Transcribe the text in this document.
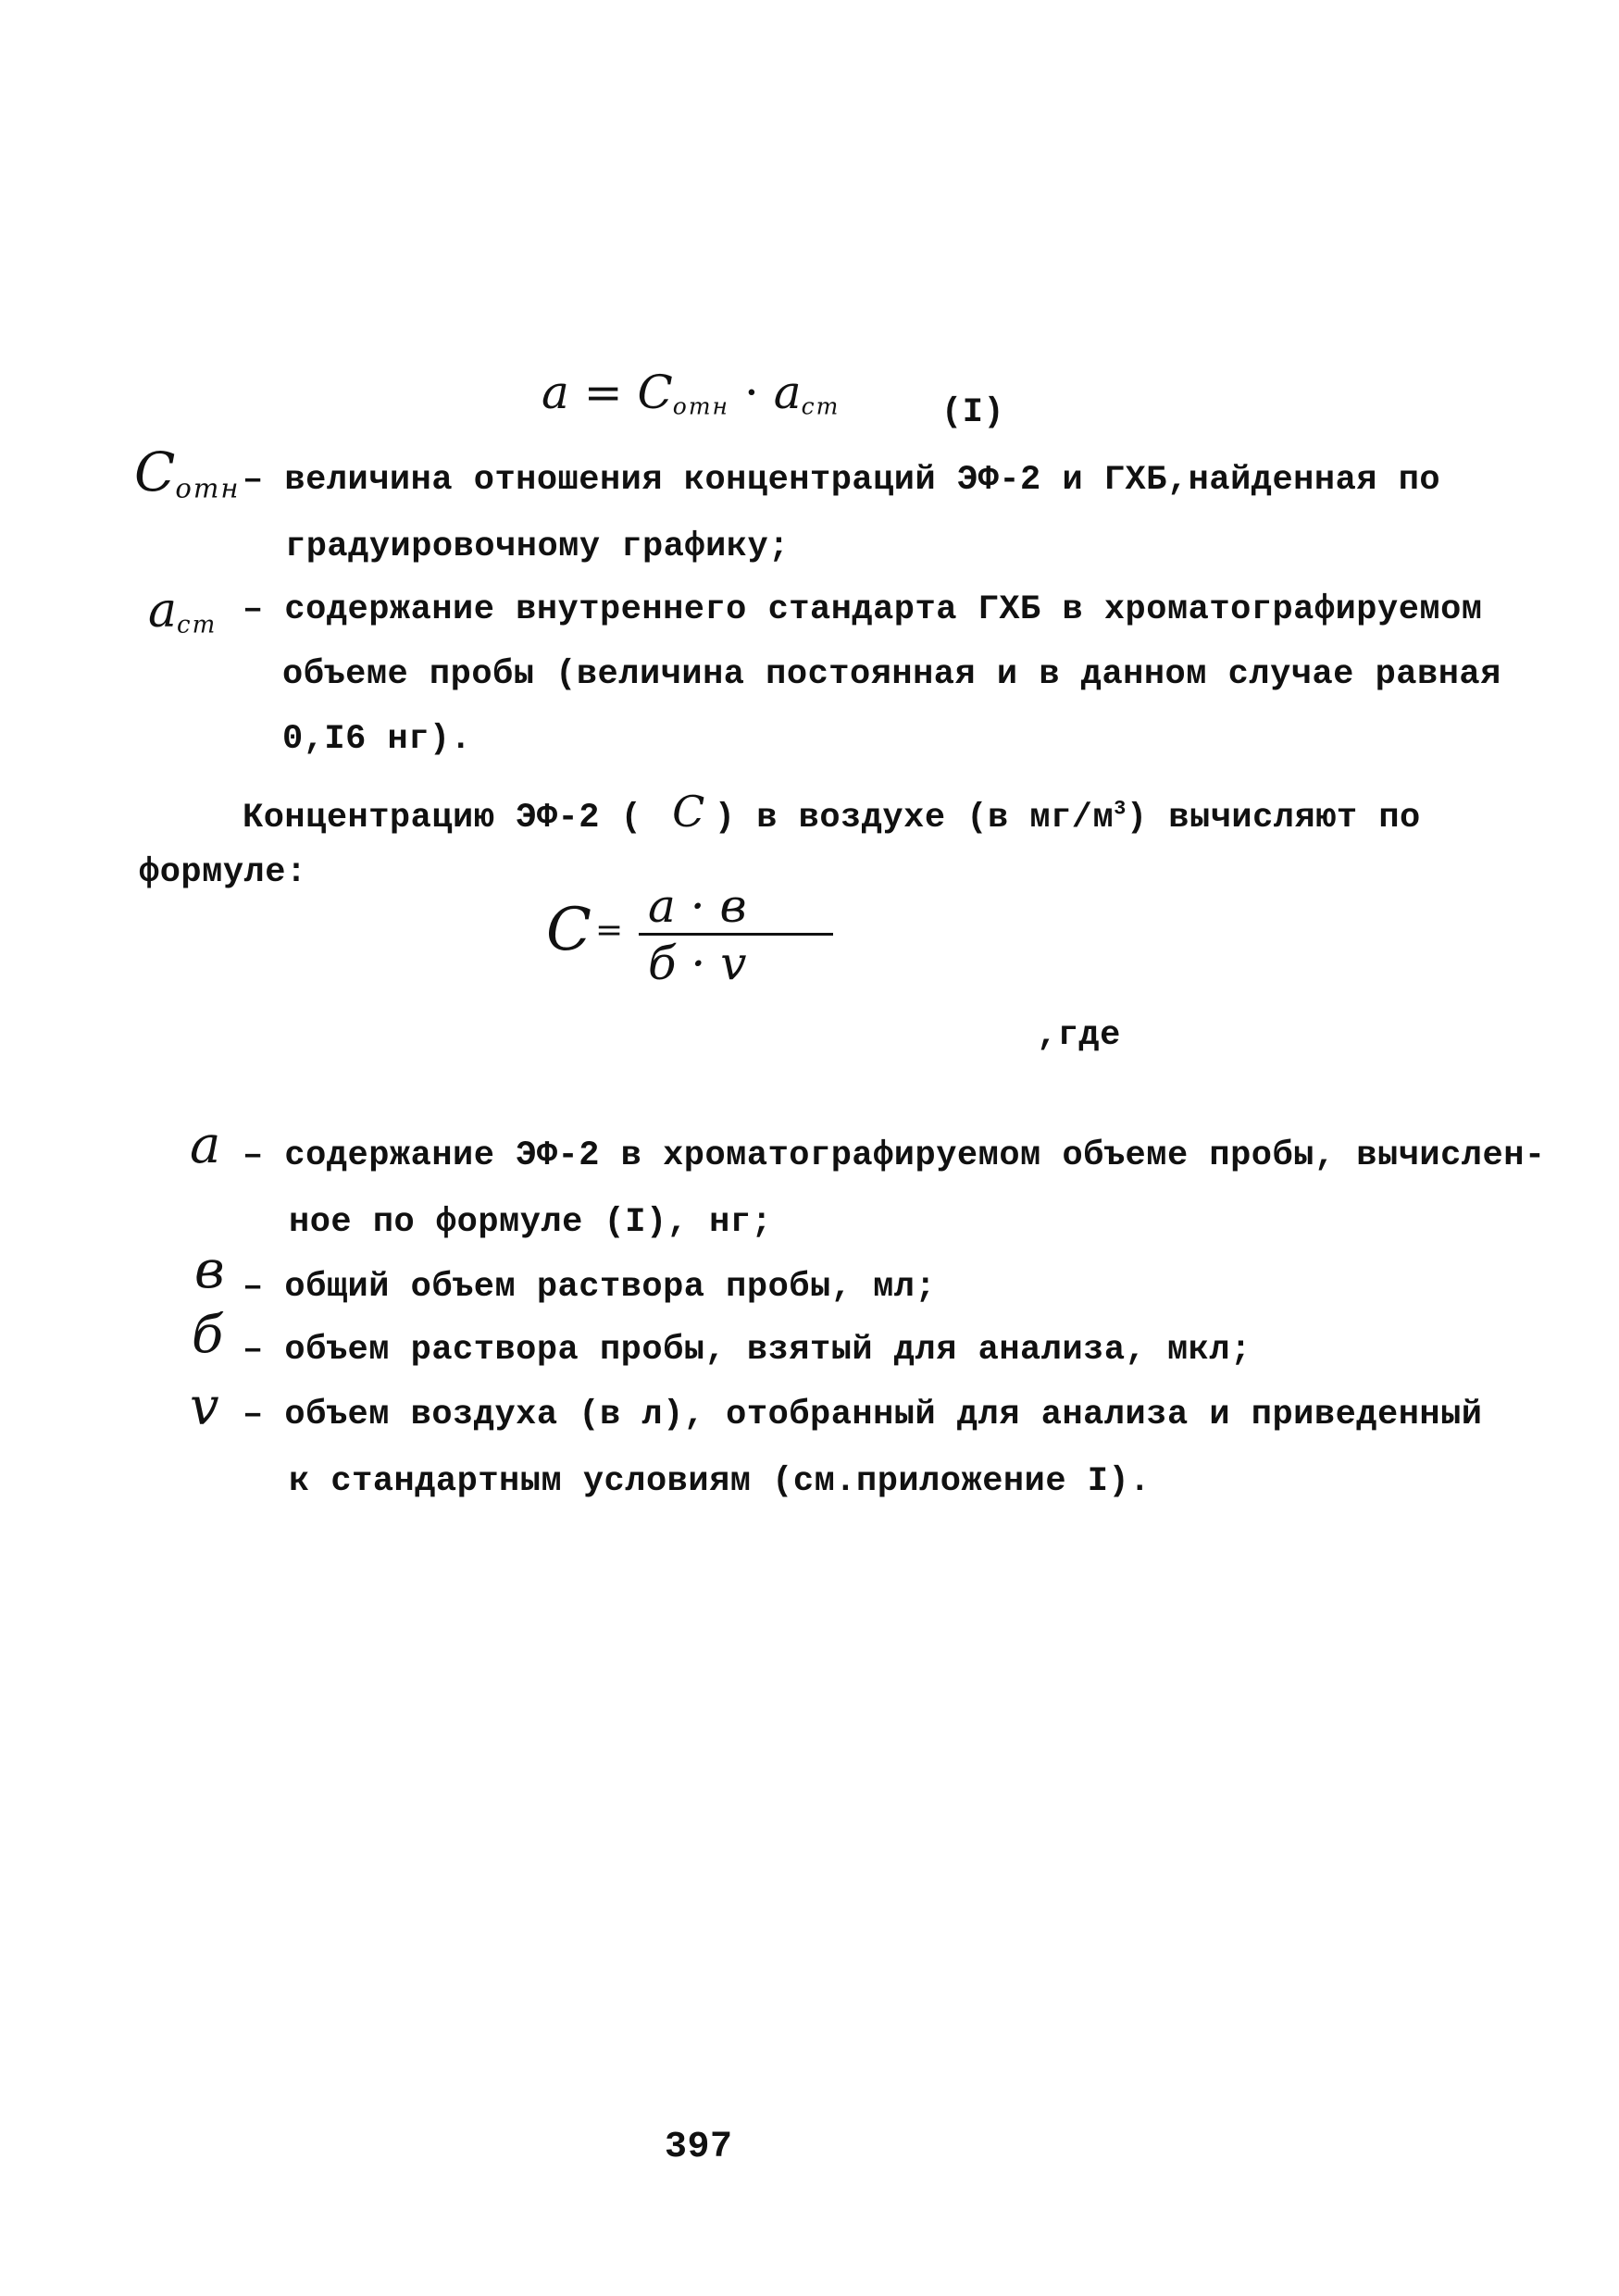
$a = C_{отн} \cdot a_{ст}$	(I)
$C_{отн}$ – величина отношения концентраций ЭФ-2 и ГХБ,найденная по
градуировочному графику;
$a_{ст}$ – содержание внутреннего стандарта ГХБ в хроматографируемом
объеме пробы (величина постоянная и в данном случае равная
0,I6 нг).
Концентрацию ЭФ-2 ( C ) в воздухе (в $мг/м^3$) вычисляют по
формуле:
C = a · в
б · v
,где
a – содержание ЭФ-2 в хроматографируемом объеме пробы, вычислен-
ное по формуле (I), нг;
в – общий объем раствора пробы, мл;
б – объем раствора пробы, взятый для анализа, мкл;
v – объем воздуха (в л), отобранный для анализа и приведенный
к стандартным условиям (см.приложение I).
397
